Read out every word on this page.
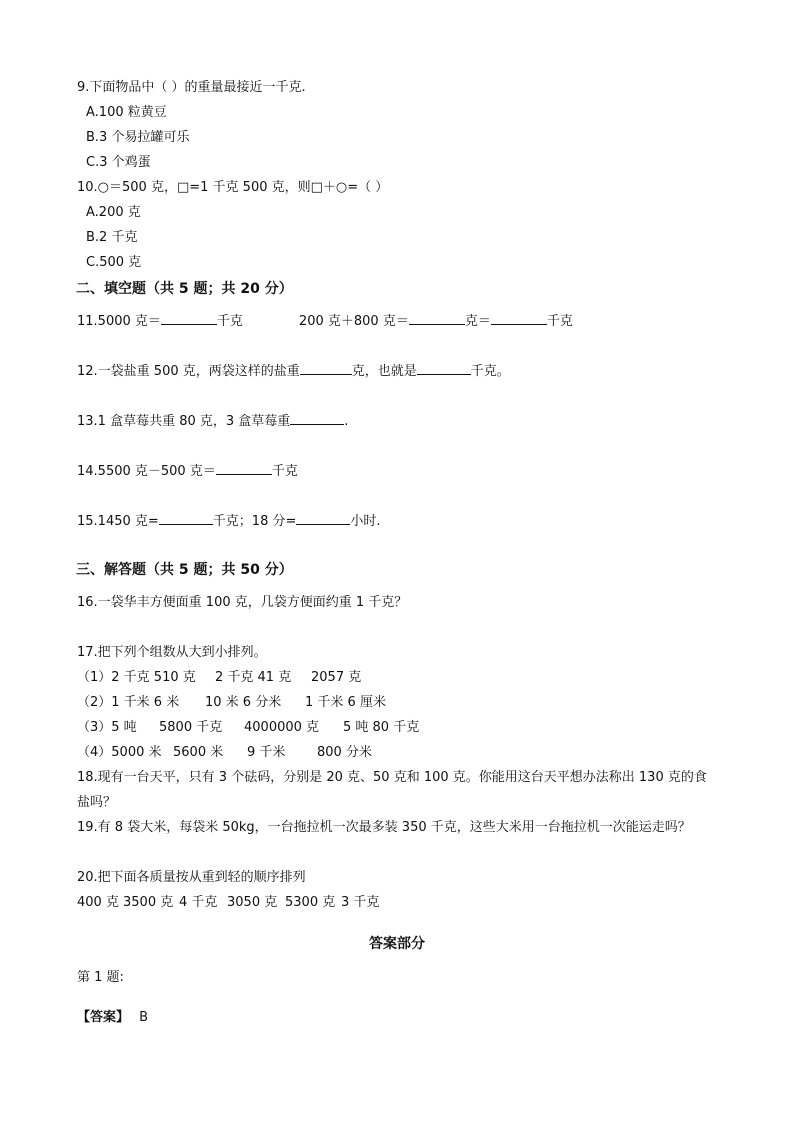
9.下面物品中（ ）的重量最接近一千克.
A.100 粒黄豆
B.3 个易拉罐可乐
C.3 个鸡蛋
10.○＝500 克，□=1 千克 500 克，则□＋○=（ ）
A.200 克
B.2 千克
C.500 克
二、填空题（共 5 题；共 20 分）
11.5000 克＝	千克	200 克＋800 克＝	克＝	千克
12.一袋盐重 500 克，两袋这样的盐重	克，也就是	千克。
13.1 盒草莓共重 80 克，3 盒草莓重	.
14.5500 克－500 克＝	千克
15.1450 克=	千克；18 分=	小时.
三、解答题（共 5 题；共 50 分）
16.一袋华丰方便面重 100 克，几袋方便面约重 1 千克？
17.把下列个组数从大到小排列。
（1）2 千克 510 克 2 千克 41 克 2057 克
（2）1 千米 6 米 10 米 6 分米 1 千米 6 厘米
（3）5 吨 5800 千克 4000000 克 5 吨 80 千克
（4）5000 米 5600 米 9 千米 800 分米
18.现有一台天平，只有 3 个砝码，分别是 20 克、50 克和 100 克。你能用这台天平想办法称出 130 克的食
盐吗？
19.有 8 袋大米，每袋米 50kg，一台拖拉机一次最多装 350 千克，这些大米用一台拖拉机一次能运走吗？
20.把下面各质量按从重到轻的顺序排列
400 克 3500 克 4 千克 3050 克 5300 克 3 千克
答案部分
第 1 题:
【答案】 B
